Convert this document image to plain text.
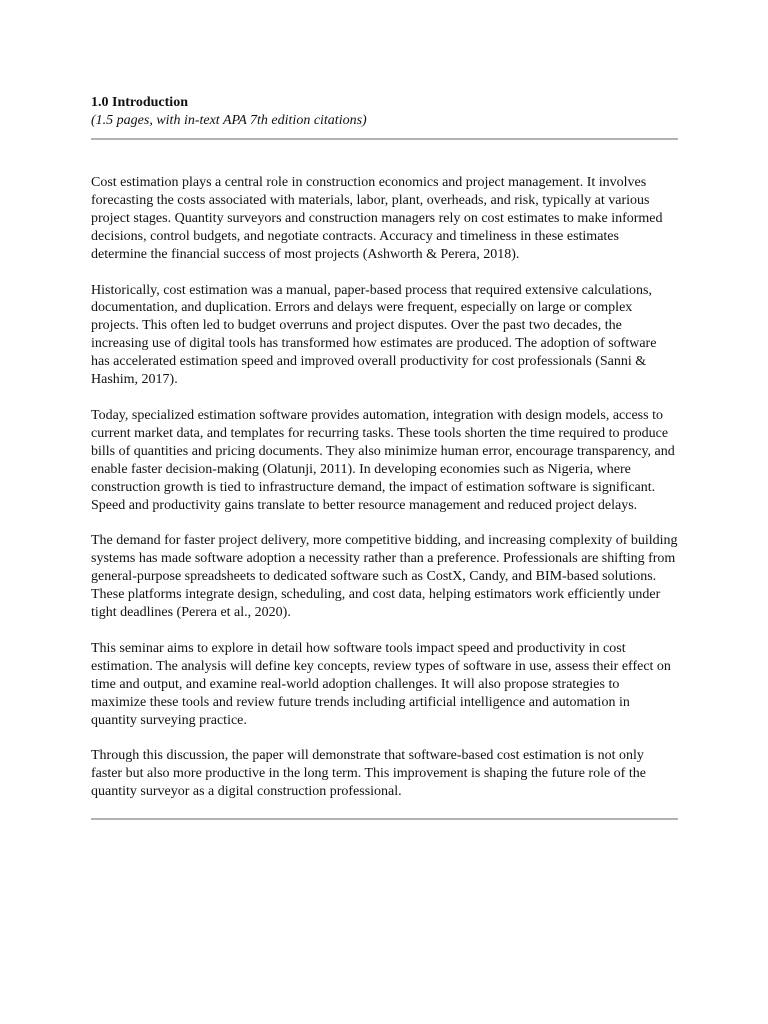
1.0 Introduction

(1.5 pages, with in-text APA 7th edition citations)

Cost estimation plays a central role in construction economics and project management. It involves forecasting the costs associated with materials, labor, plant, overheads, and risk, typically at various project stages. Quantity surveyors and construction managers rely on cost estimates to make informed decisions, control budgets, and negotiate contracts. Accuracy and timeliness in these estimates determine the financial success of most projects (Ashworth & Perera, 2018).

Historically, cost estimation was a manual, paper-based process that required extensive calculations, documentation, and duplication. Errors and delays were frequent, especially on large or complex projects. This often led to budget overruns and project disputes. Over the past two decades, the increasing use of digital tools has transformed how estimates are produced. The adoption of software has accelerated estimation speed and improved overall productivity for cost professionals (Sanni & Hashim, 2017).

Today, specialized estimation software provides automation, integration with design models, access to current market data, and templates for recurring tasks. These tools shorten the time required to produce bills of quantities and pricing documents. They also minimize human error, encourage transparency, and enable faster decision-making (Olatunji, 2011). In developing economies such as Nigeria, where construction growth is tied to infrastructure demand, the impact of estimation software is significant. Speed and productivity gains translate to better resource management and reduced project delays.

The demand for faster project delivery, more competitive bidding, and increasing complexity of building systems has made software adoption a necessity rather than a preference. Professionals are shifting from general-purpose spreadsheets to dedicated software such as CostX, Candy, and BIM-based solutions. These platforms integrate design, scheduling, and cost data, helping estimators work efficiently under tight deadlines (Perera et al., 2020).

This seminar aims to explore in detail how software tools impact speed and productivity in cost estimation. The analysis will define key concepts, review types of software in use, assess their effect on time and output, and examine real-world adoption challenges. It will also propose strategies to maximize these tools and review future trends including artificial intelligence and automation in quantity surveying practice.

Through this discussion, the paper will demonstrate that software-based cost estimation is not only faster but also more productive in the long term. This improvement is shaping the future role of the quantity surveyor as a digital construction professional.
